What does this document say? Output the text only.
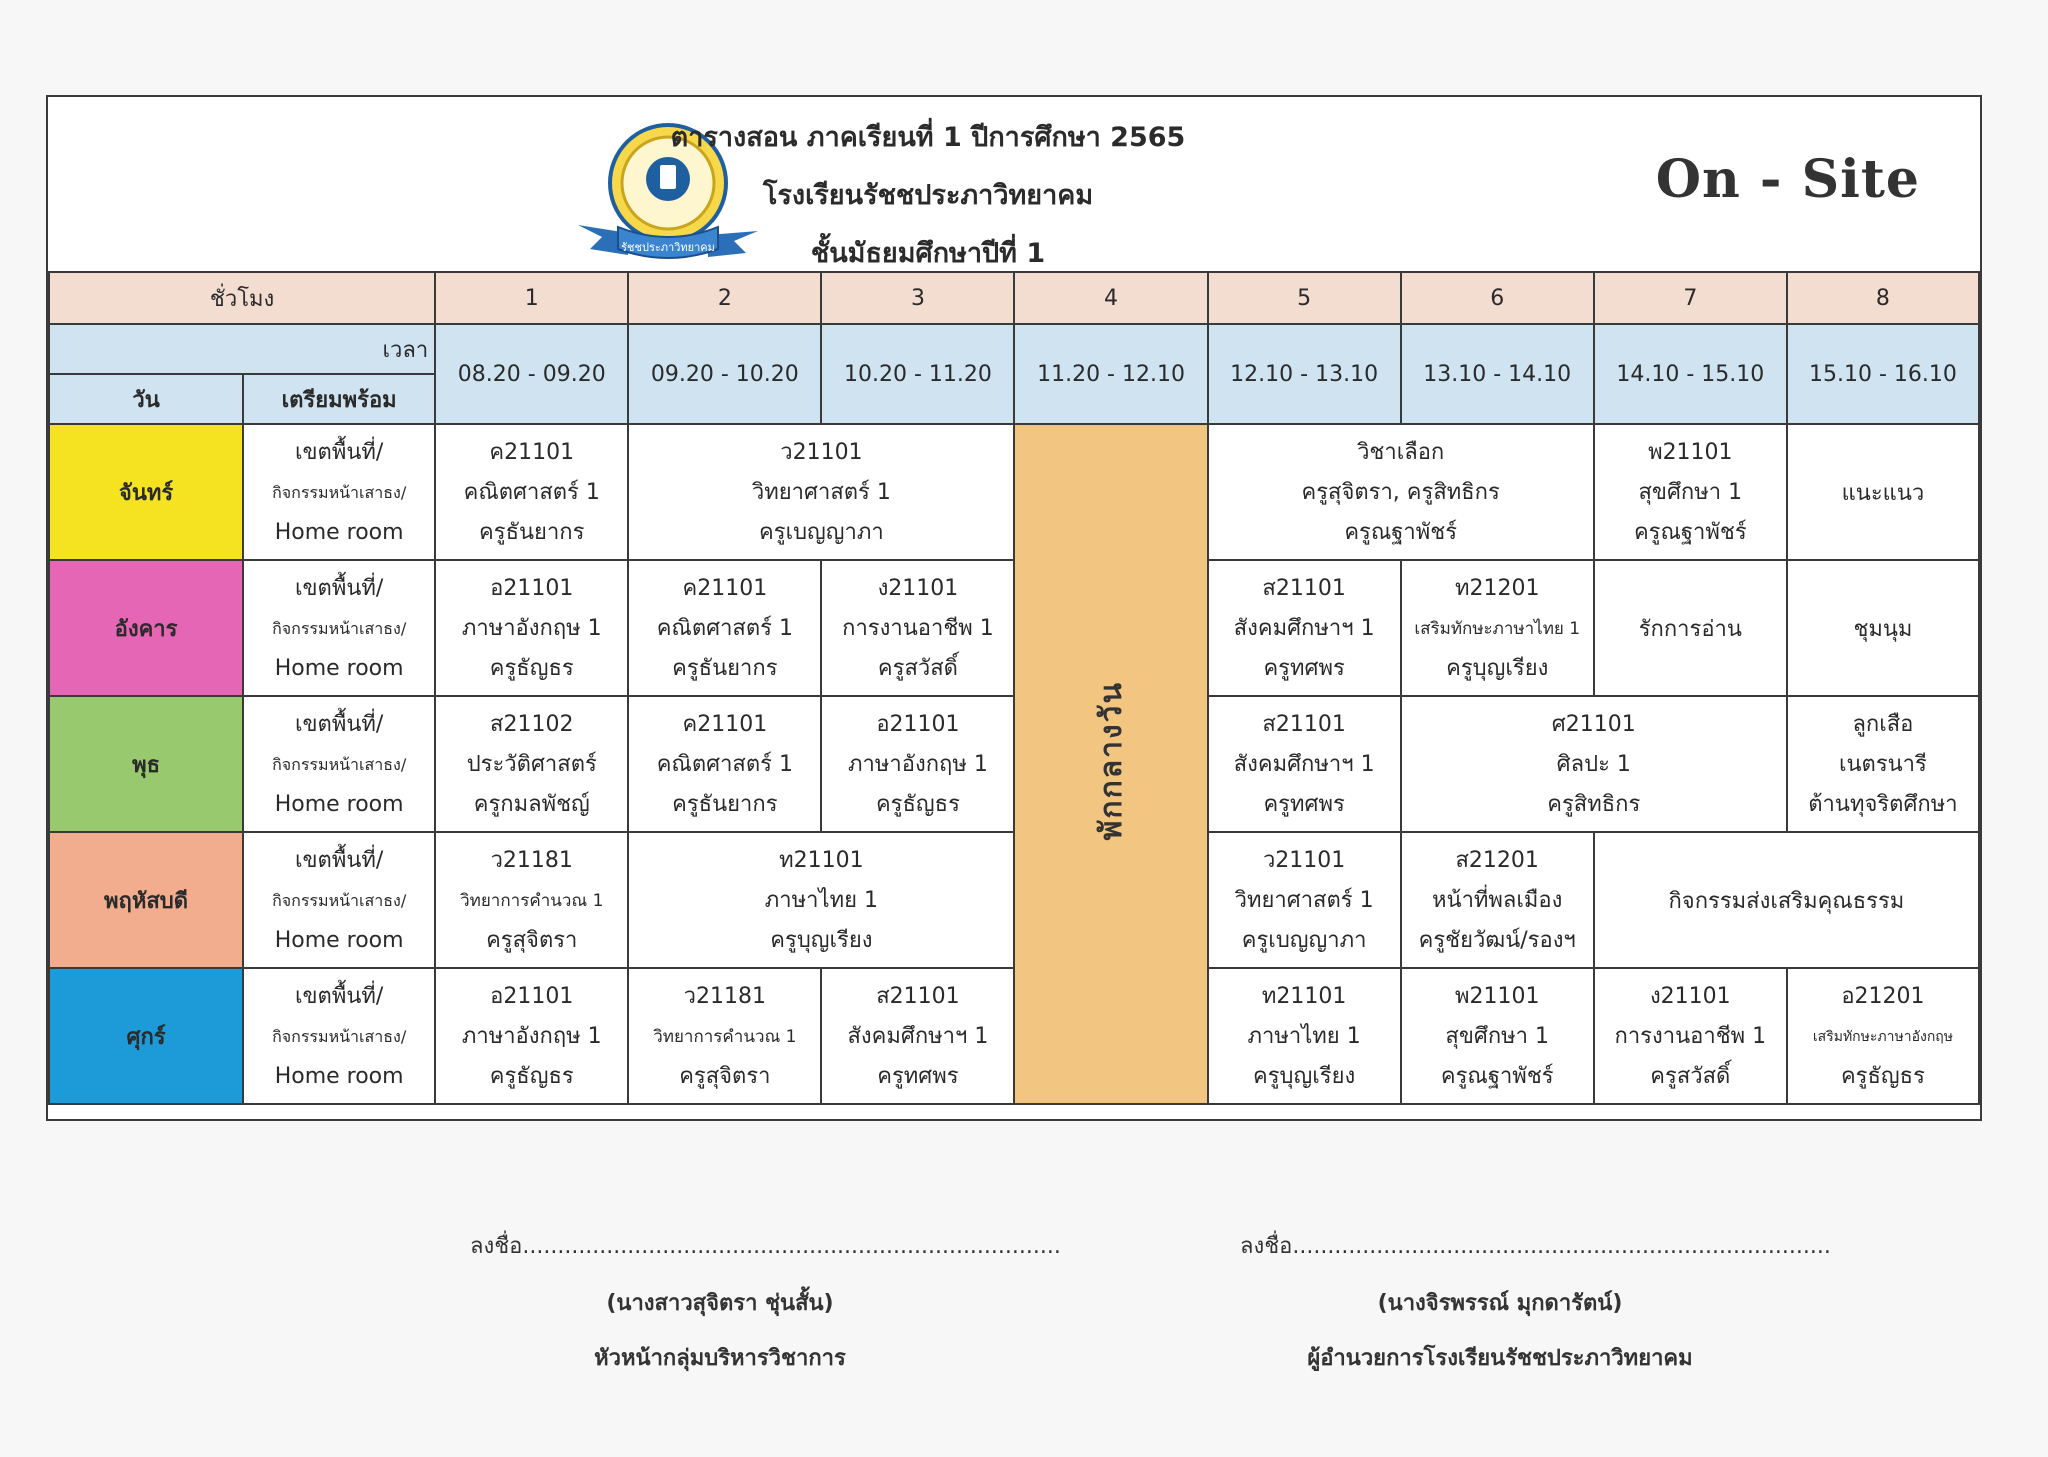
รัชชประภาวิทยาคม
ตารางสอน ภาคเรียนที่ 1 ปีการศึกษา 2565
โรงเรียนรัชชประภาวิทยาคม
ชั้นมัธยมศึกษาปีที่ 1
On - Site
ชั่วโมง		1	2	3	4	5	6	7	8
เวลา		08.20 - 09.20	09.20 - 10.20	10.20 - 11.20	11.20 - 12.10	12.10 - 13.10	13.10 - 14.10	14.10 - 15.10	15.10 - 16.10
วัน	เตรียมพร้อม								
จันทร์	เขตพื้นที่/
กิจกรรมหน้าเสาธง/
Home room	ค21101
คณิตศาสตร์ 1
ครูธันยากร	ว21101
วิทยาศาสตร์ 1
ครูเบญญาภา		พักกลางวัน	วิชาเลือก
ครูสุจิตรา, ครูสิทธิกร
ครูณฐาพัชร์		พ21101
สุขศึกษา 1
ครูณฐาพัชร์	แนะแนว
อังคาร	เขตพื้นที่/
กิจกรรมหน้าเสาธง/
Home room	อ21101
ภาษาอังกฤษ 1
ครูธัญธร	ค21101
คณิตศาสตร์ 1
ครูธันยากร	ง21101
การงานอาชีพ 1
ครูสวัสดิ์		ส21101
สังคมศึกษาฯ 1
ครูทศพร	ท21201
เสริมทักษะภาษาไทย 1
ครูบุญเรียง	รักการอ่าน	ชุมนุม
พุธ	เขตพื้นที่/
กิจกรรมหน้าเสาธง/
Home room	ส21102
ประวัติศาสตร์
ครูกมลพัชญ์	ค21101
คณิตศาสตร์ 1
ครูธันยากร	อ21101
ภาษาอังกฤษ 1
ครูธัญธร		ส21101
สังคมศึกษาฯ 1
ครูทศพร	ศ21101
ศิลปะ 1
ครูสิทธิกร		ลูกเสือ
เนตรนารี
ต้านทุจริตศึกษา

พฤหัสบดี	เขตพื้นที่/
กิจกรรมหน้าเสาธง/
Home room	ว21181
วิทยาการคำนวณ 1
ครูสุจิตรา	ท21101
ภาษาไทย 1
ครูบุญเรียง			ว21101
วิทยาศาสตร์ 1
ครูเบญญาภา	ส21201
หน้าที่พลเมือง
ครูชัยวัฒน์/รองฯ	กิจกรรมส่งเสริมคุณธรรม	
ศุกร์	เขตพื้นที่/
กิจกรรมหน้าเสาธง/
Home room	อ21101
ภาษาอังกฤษ 1
ครูธัญธร	ว21181
วิทยาการคำนวณ 1
ครูสุจิตรา	ส21101
สังคมศึกษาฯ 1
ครูทศพร		ท21101
ภาษาไทย 1
ครูบุญเรียง	พ21101
สุขศึกษา 1
ครูณฐาพัชร์	ง21101
การงานอาชีพ 1
ครูสวัสดิ์	อ21201
เสริมทักษะภาษาอังกฤษ
ครูธัญธร
ลงชื่อ.............................................................................
(นางสาวสุจิตรา ชุ่นสั้น)
หัวหน้ากลุ่มบริหารวิชาการ
ลงชื่อ.............................................................................
(นางจิรพรรณ์ มุกดารัตน์)
ผู้อำนวยการโรงเรียนรัชชประภาวิทยาคม
